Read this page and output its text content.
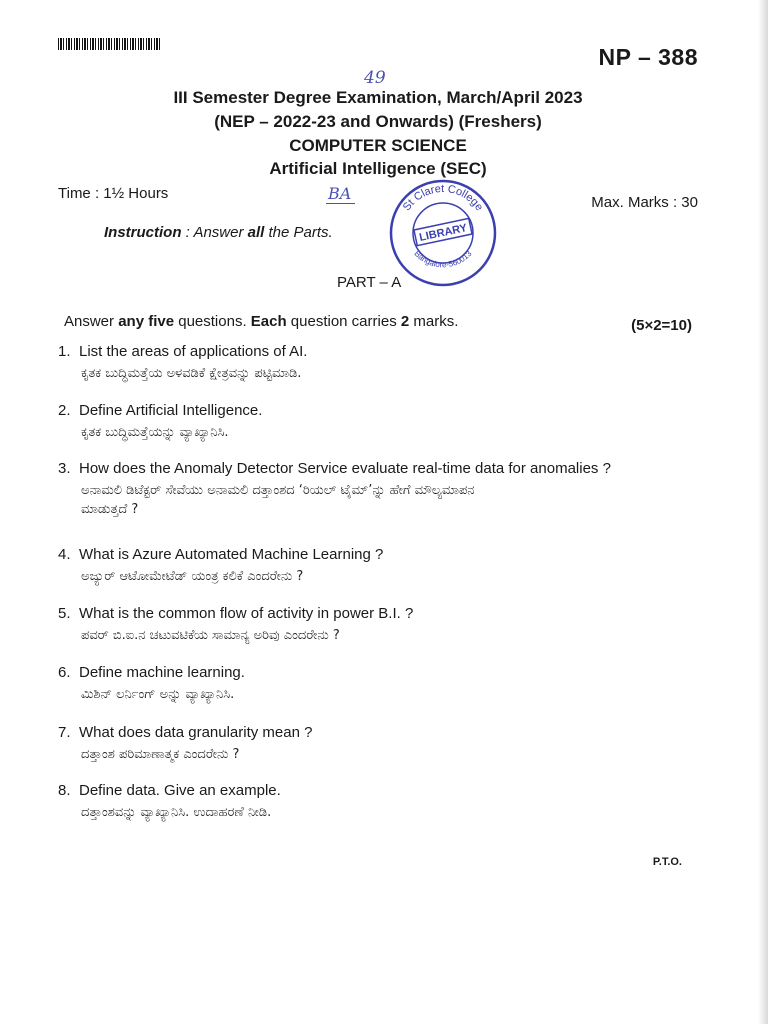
NP – 388
49
III Semester Degree Examination, March/April 2023
(NEP – 2022-23 and Onwards) (Freshers)
COMPUTER SCIENCE
Artificial Intelligence (SEC)
Time : 1½ Hours	BA	Max. Marks : 30
Instruction : Answer all the Parts.
St Claret College
LIBRARY
Bangalore-560013
PART – A
Answer any five questions. Each question carries 2 marks.	(5×2=10)
1. List the areas of applications of AI.
ಕೃತಕ ಬುದ್ಧಿಮತ್ತೆಯ ಅಳವಡಿಕೆ ಕ್ಷೇತ್ರವನ್ನು ಪಟ್ಟಿಮಾಡಿ.
2. Define Artificial Intelligence.
ಕೃತಕ ಬುದ್ಧಿಮತ್ತೆಯನ್ನು ವ್ಯಾಖ್ಯಾನಿಸಿ.
3. How does the Anomaly Detector Service evaluate real-time data for anomalies ?
ಅನಾಮಲಿ ಡಿಟೆಕ್ಟರ್ ಸೇವೆಯು ಅನಾಮಲಿ ದತ್ತಾಂಶದ ‘ರಿಯಲ್ ಟೈಮ್’ನ್ನು ಹೇಗೆ ಮೌಲ್ಯಮಾಪನ
ಮಾಡುತ್ತದೆ ?
4. What is Azure Automated Machine Learning ?
ಅಜ್ಯುರ್ ಆಟೋಮೇಟೆಡ್ ಯಂತ್ರ ಕಲಿಕೆ ಎಂದರೇನು ?
5. What is the common flow of activity in power B.I. ?
ಪವರ್ ಬಿ.ಐ.ನ ಚಟುವಟಿಕೆಯ ಸಾಮಾನ್ಯ ಅರಿವು ಎಂದರೇನು ?
6. Define machine learning.
ಮಿಶಿನ್ ಲರ್ನಿಂಗ್ ಅನ್ನು ವ್ಯಾಖ್ಯಾನಿಸಿ.
7. What does data granularity mean ?
ದತ್ತಾಂಶ ಪರಿಮಾಣಾತ್ಮಕ ಎಂದರೇನು ?
8. Define data. Give an example.
ದತ್ತಾಂಶವನ್ನು ವ್ಯಾಖ್ಯಾನಿಸಿ. ಉದಾಹರಣೆ ನೀಡಿ.
P.T.O.
